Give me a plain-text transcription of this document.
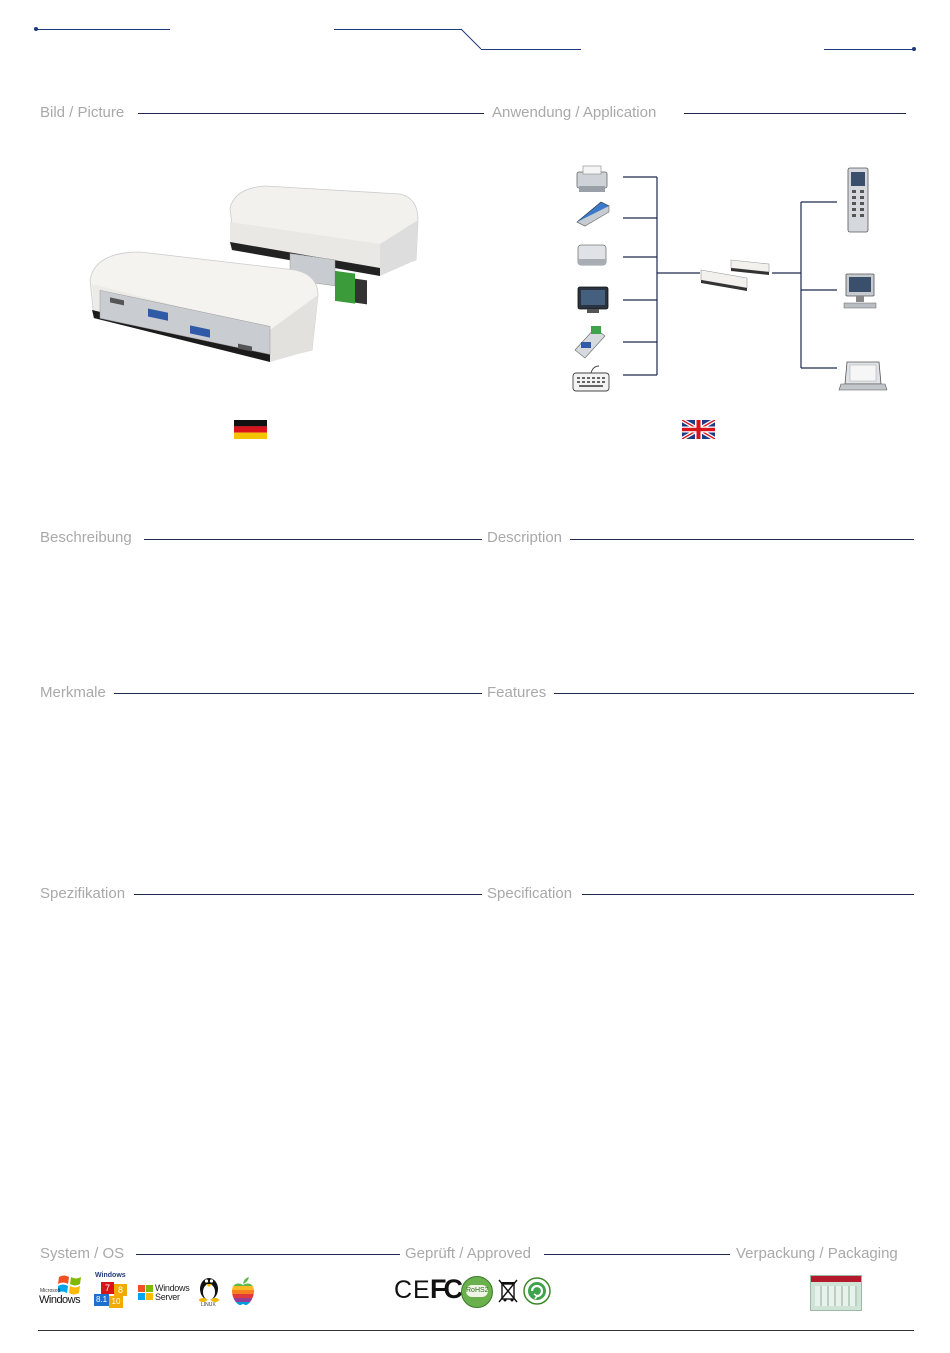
Bild / Picture	Anwendung / Application
Beschreibung	Description
Merkmale	Features
Spezifikation	Specification
System / OS	Geprüft / Approved	Verpackung / Packaging
Microsoft
Windows
Windows
7 8
8.1 10
Windows
Server
LINUX
CE FC RoHS2
